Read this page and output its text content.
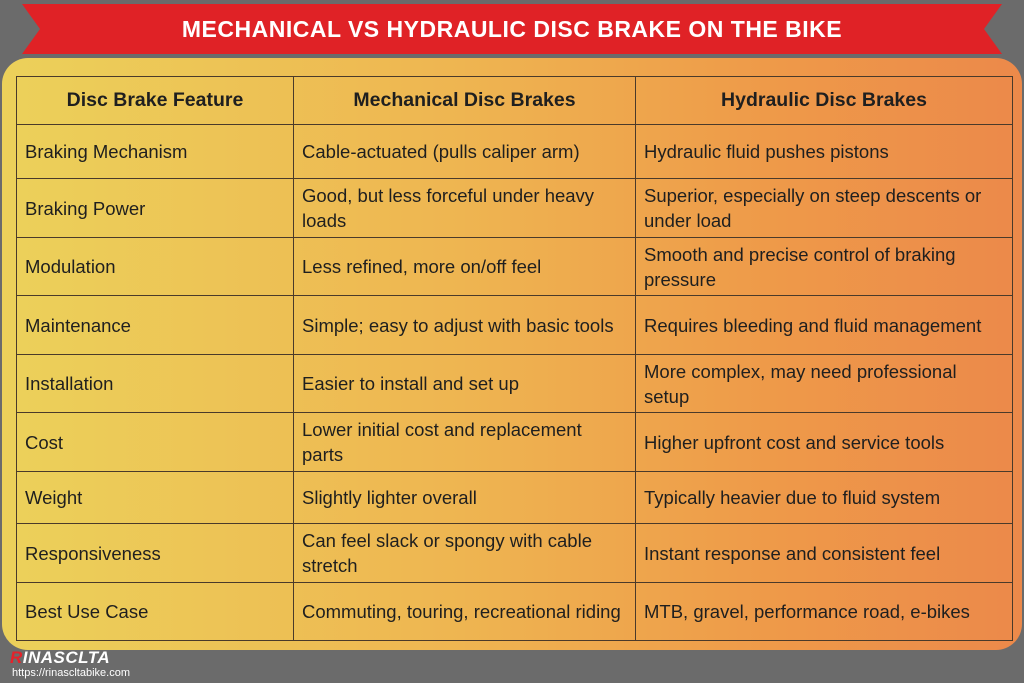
MECHANICAL VS HYDRAULIC DISC BRAKE ON THE BIKE
Disc Brake Feature	Mechanical Disc Brakes	Hydraulic Disc Brakes
Braking Mechanism	Cable-actuated (pulls caliper arm)	Hydraulic fluid pushes pistons
Braking Power	Good, but less forceful under heavy loads	Superior, especially on steep descents or under load
Modulation	Less refined, more on/off feel	Smooth and precise control of braking pressure
Maintenance	Simple; easy to adjust with basic tools	Requires bleeding and fluid management
Installation	Easier to install and set up	More complex, may need professional setup
Cost	Lower initial cost and replacement parts	Higher upfront cost and service tools
Weight	Slightly lighter overall	Typically heavier due to fluid system
Responsiveness	Can feel slack or spongy with cable stretch	Instant response and consistent feel
Best Use Case	Commuting, touring, recreational riding	MTB, gravel, performance road, e-bikes
RINASCLTA
https://rinascltabike.com
